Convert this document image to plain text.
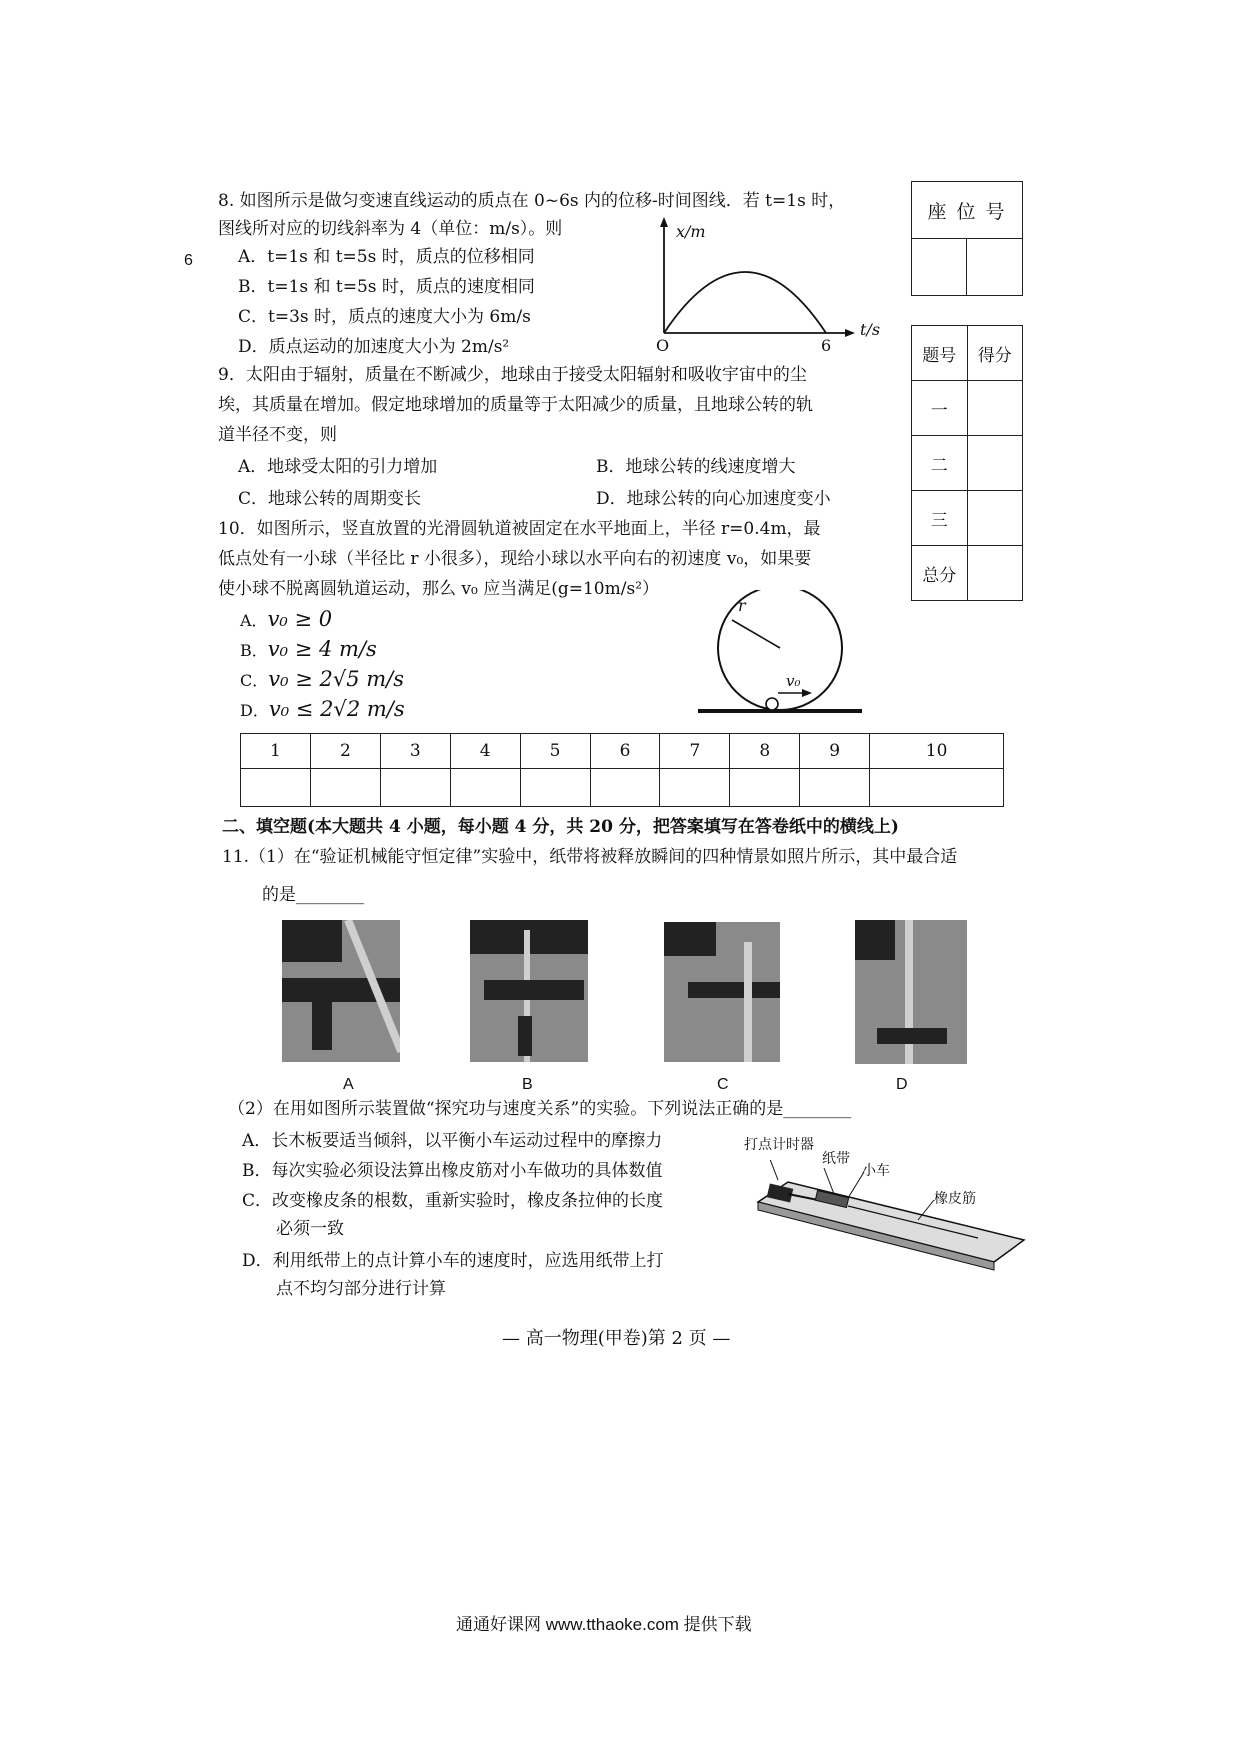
6
8. 如图所示是做匀变速直线运动的质点在 0~6s 内的位移-时间图线．若 t=1s 时，
图线所对应的切线斜率为 4（单位：m/s）。则
A．t=1s 和 t=5s 时，质点的位移相同
B．t=1s 和 t=5s 时，质点的速度相同
C．t=3s 时，质点的速度大小为 6m/s
D．质点运动的加速度大小为 2m/s²
x/m
t/s
O	6
座 位 号

题号	得分
一	
二	
三	
总分	
9．太阳由于辐射，质量在不断减少，地球由于接受太阳辐射和吸收宇宙中的尘
埃，其质量在增加。假定地球增加的质量等于太阳减少的质量，且地球公转的轨
道半径不变，则
A．地球受太阳的引力增加	B．地球公转的线速度增大
C．地球公转的周期变长	D．地球公转的向心加速度变小
10．如图所示，竖直放置的光滑圆轨道被固定在水平地面上，半径 r=0.4m，最
低点处有一小球（半径比 r 小很多），现给小球以水平向右的初速度 v₀，如果要
使小球不脱离圆轨道运动，那么 v₀ 应当满足(g=10m/s²）
A．v₀ ≥ 0
B．v₀ ≥ 4 m/s
C．v₀ ≥ 2√5 m/s
D．v₀ ≤ 2√2 m/s
r
v₀
1	2	3	4	5	6	7	8	9	10

二、填空题(本大题共 4 小题，每小题 4 分，共 20 分，把答案填写在答卷纸中的横线上)
11.（1）在“验证机械能守恒定律”实验中，纸带将被释放瞬间的四种情景如照片所示，其中最合适
的是________
A	B	C	D
（2）在用如图所示装置做“探究功与速度关系”的实验。下列说法正确的是________
A．长木板要适当倾斜，以平衡小车运动过程中的摩擦力
B．每次实验必须设法算出橡皮筋对小车做功的具体数值
C．改变橡皮条的根数，重新实验时，橡皮条拉伸的长度
必须一致
D．利用纸带上的点计算小车的速度时，应选用纸带上打
点不均匀部分进行计算
打点计时器
纸带
小车
橡皮筋
— 高一物理(甲卷)第 2 页 —
通通好课网 www.tthaoke.com 提供下载
